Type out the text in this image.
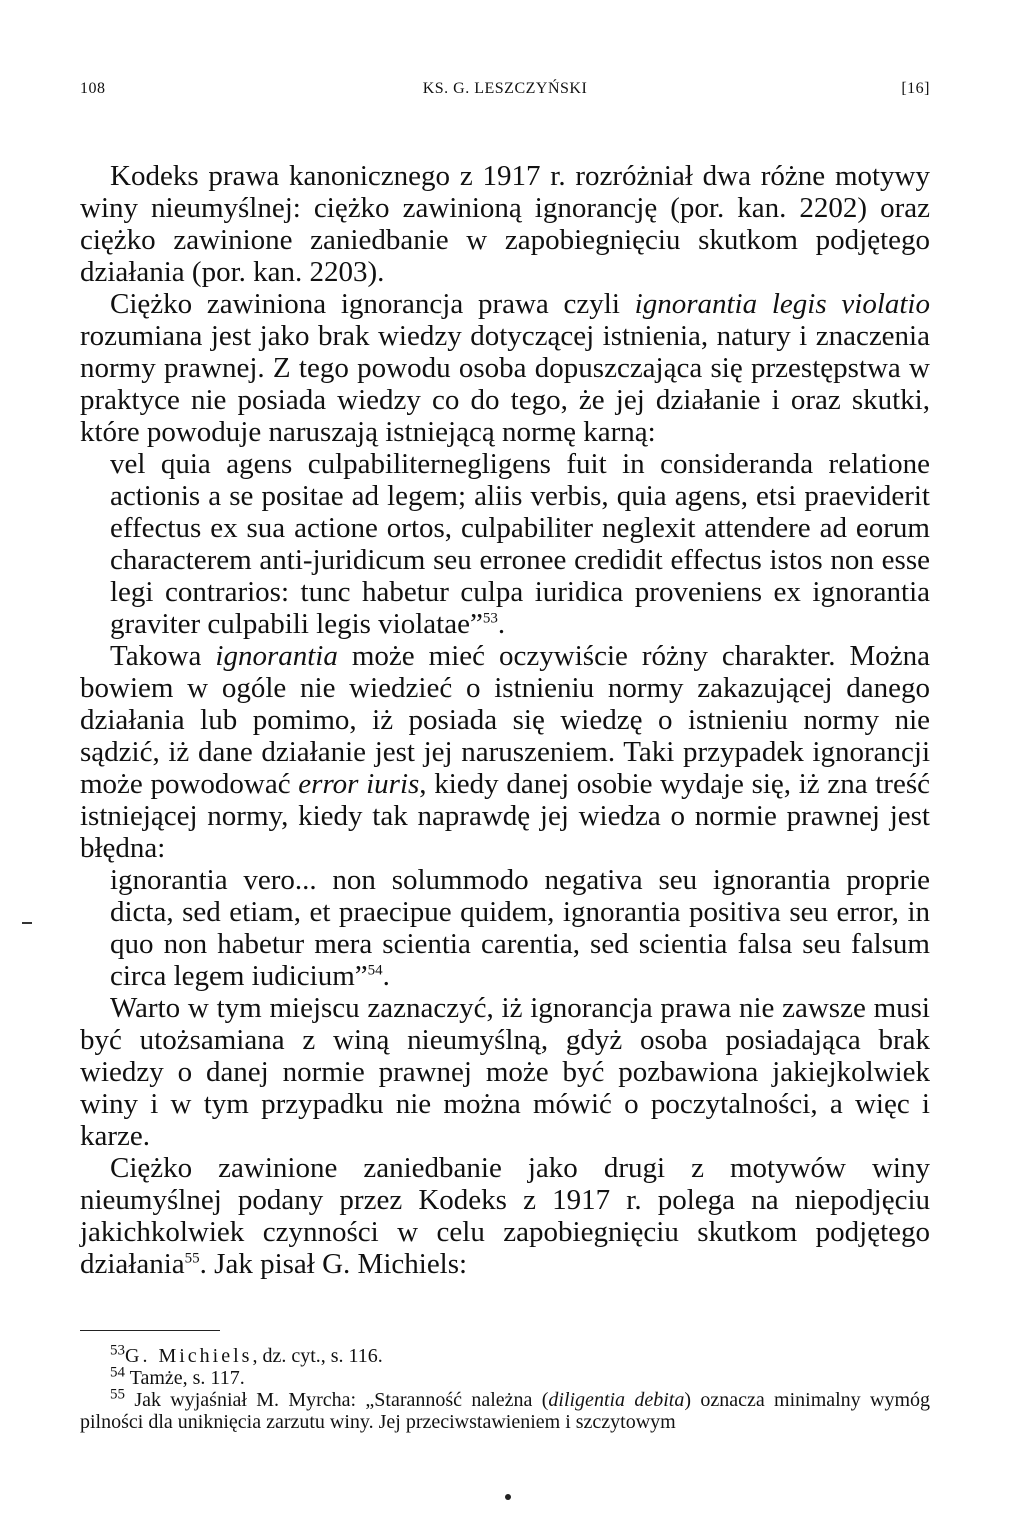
108	KS. G. LESZCZYŃSKI	[16]

Kodeks prawa kanonicznego z 1917 r. rozróżniał dwa różne motywy winy nieumyślnej: ciężko zawinioną ignorancję (por. kan. 2202) oraz ciężko zawinione zaniedbanie w zapobiegnięciu skutkom podjętego działania (por. kan. 2203).

Ciężko zawiniona ignorancja prawa czyli ignorantia legis violatio rozumiana jest jako brak wiedzy dotyczącej istnienia, natury i znaczenia normy prawnej. Z tego powodu osoba dopuszczająca się przestępstwa w praktyce nie posiada wiedzy co do tego, że jej działanie i oraz skutki, które powoduje naruszają istniejącą normę karną:

vel quia agens culpabiliternegligens fuit in consideranda relatione actionis a se positae ad legem; aliis verbis, quia agens, etsi praeviderit effectus ex sua actione ortos, culpabiliter neglexit attendere ad eorum characterem anti-juridicum seu erronee credidit effectus istos non esse legi contrarios: tunc habetur culpa iuridica proveniens ex ignorantia graviter culpabili legis violatae”$^{53}$.

Takowa ignorantia może mieć oczywiście różny charakter. Można bowiem w ogóle nie wiedzieć o istnieniu normy zakazującej danego działania lub pomimo, iż posiada się wiedzę o istnieniu normy nie sądzić, iż dane działanie jest jej naruszeniem. Taki przypadek ignorancji może powodować error iuris, kiedy danej osobie wydaje się, iż zna treść istniejącej normy, kiedy tak naprawdę jej wiedza o normie prawnej jest błędna:

ignorantia vero... non solummodo negativa seu ignorantia proprie dicta, sed etiam, et praecipue quidem, ignorantia positiva seu error, in quo non habetur mera scientia carentia, sed scientia falsa seu falsum circa legem iudicium”$^{54}$.

Warto w tym miejscu zaznaczyć, iż ignorancja prawa nie zawsze musi być utożsamiana z winą nieumyślną, gdyż osoba posiadająca brak wiedzy o danej normie prawnej może być pozbawiona jakiejkolwiek winy i w tym przypadku nie można mówić o poczytalności, a więc i karze.

Ciężko zawinione zaniedbanie jako drugi z motywów winy nieumyślnej podany przez Kodeks z 1917 r. polega na niepodjęciu jakichkolwiek czynności w celu zapobiegnięciu skutkom podjętego działania$^{55}$. Jak pisał G. Michiels:

$^{53}$G. Michiels, dz. cyt., s. 116.

$^{54}$ Tamże, s. 117.

$^{55}$ Jak wyjaśniał M. Myrcha: „Staranność należna (diligentia debita) oznacza minimalny wymóg pilności dla uniknięcia zarzutu winy. Jej przeciwstawieniem i szczytowym
